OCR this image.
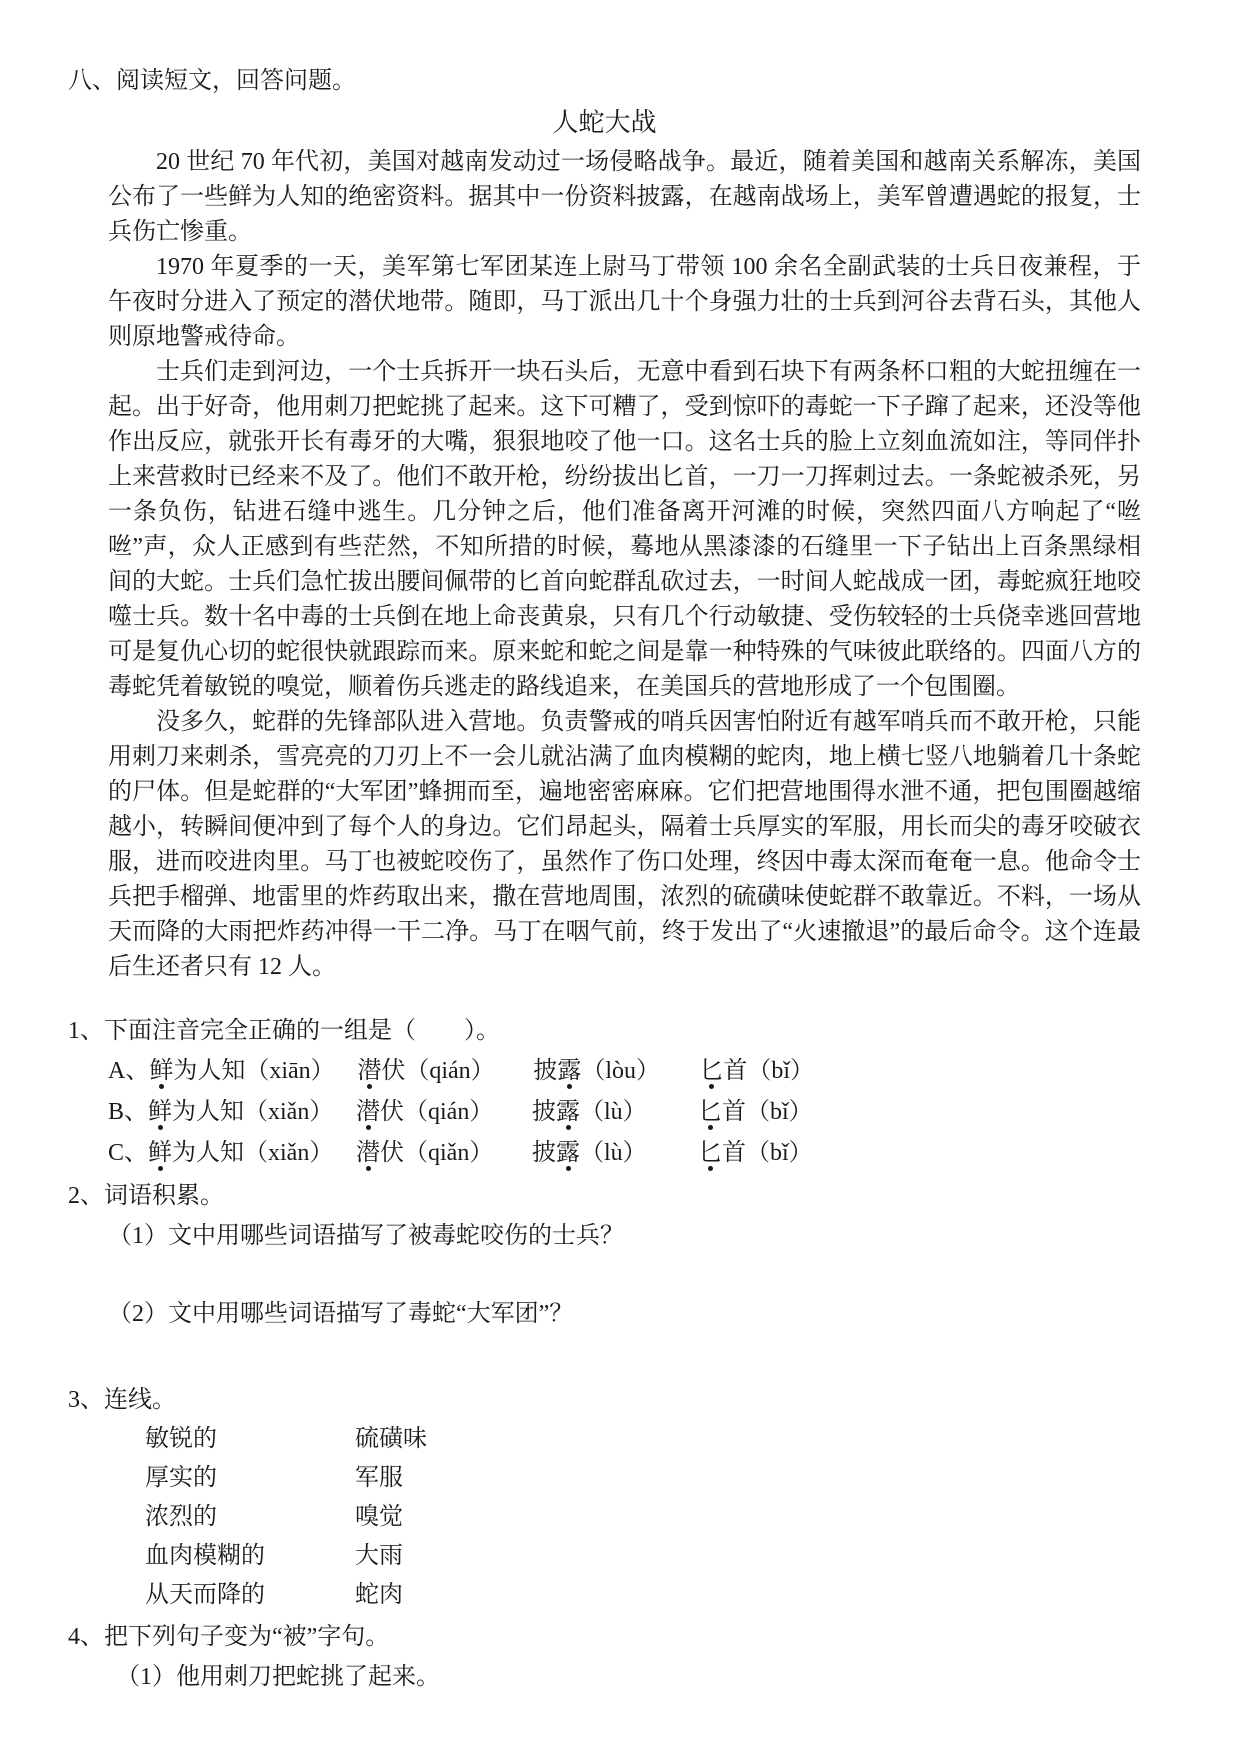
八、阅读短文，回答问题。
人蛇大战

20 世纪 70 年代初，美国对越南发动过一场侵略战争。最近，随着美国和越南关系解冻，美国公布了一些鲜为人知的绝密资料。据其中一份资料披露，在越南战场上，美军曾遭遇蛇的报复，士兵伤亡惨重。

1970 年夏季的一天，美军第七军团某连上尉马丁带领 100 余名全副武装的士兵日夜兼程，于午夜时分进入了预定的潜伏地带。随即，马丁派出几十个身强力壮的士兵到河谷去背石头，其他人则原地警戒待命。

士兵们走到河边，一个士兵拆开一块石头后，无意中看到石块下有两条杯口粗的大蛇扭缠在一起。出于好奇，他用刺刀把蛇挑了起来。这下可糟了，受到惊吓的毒蛇一下子蹿了起来，还没等他作出反应，就张开长有毒牙的大嘴，狠狠地咬了他一口。这名士兵的脸上立刻血流如注，等同伴扑上来营救时已经来不及了。他们不敢开枪，纷纷拔出匕首，一刀一刀挥刺过去。一条蛇被杀死，另一条负伤，钻进石缝中逃生。几分钟之后，他们准备离开河滩的时候，突然四面八方响起了“咝咝”声，众人正感到有些茫然，不知所措的时候，蓦地从黑漆漆的石缝里一下子钻出上百条黑绿相间的大蛇。士兵们急忙拔出腰间佩带的匕首向蛇群乱砍过去，一时间人蛇战成一团，毒蛇疯狂地咬噬士兵。数十名中毒的士兵倒在地上命丧黄泉，只有几个行动敏捷、受伤较轻的士兵侥幸逃回营地可是复仇心切的蛇很快就跟踪而来。原来蛇和蛇之间是靠一种特殊的气味彼此联络的。四面八方的毒蛇凭着敏锐的嗅觉，顺着伤兵逃走的路线追来，在美国兵的营地形成了一个包围圈。

没多久，蛇群的先锋部队进入营地。负责警戒的哨兵因害怕附近有越军哨兵而不敢开枪，只能用刺刀来刺杀，雪亮亮的刀刃上不一会儿就沾满了血肉模糊的蛇肉，地上横七竖八地躺着几十条蛇的尸体。但是蛇群的“大军团”蜂拥而至，遍地密密麻麻。它们把营地围得水泄不通，把包围圈越缩越小，转瞬间便冲到了每个人的身边。它们昂起头，隔着士兵厚实的军服，用长而尖的毒牙咬破衣服，进而咬进肉里。马丁也被蛇咬伤了，虽然作了伤口处理，终因中毒太深而奄奄一息。他命令士兵把手榴弹、地雷里的炸药取出来，撒在营地周围，浓烈的硫磺味使蛇群不敢靠近。不料，一场从天而降的大雨把炸药冲得一干二净。马丁在咽气前，终于发出了“火速撤退”的最后命令。这个连最后生还者只有 12 人。

1、下面注音完全正确的一组是（　　）。
A、 鲜为人知（xiān） 潜伏（qián）	披露（lòu）	匕首（bǐ）
B、 鲜为人知（xiǎn） 潜伏（qián）	披露（lù）	匕首（bǐ）
C、 鲜为人知（xiǎn） 潜伏（qiǎn）	披露（lù）	匕首（bǐ）
2、词语积累。
（1）文中用哪些词语描写了被毒蛇咬伤的士兵？
（2）文中用哪些词语描写了毒蛇“大军团”？
3、连线。
敏锐的	硫磺味
厚实的	军服
浓烈的	嗅觉
血肉模糊的	大雨
从天而降的	蛇肉
4、把下列句子变为“被”字句。
（1）他用刺刀把蛇挑了起来。
